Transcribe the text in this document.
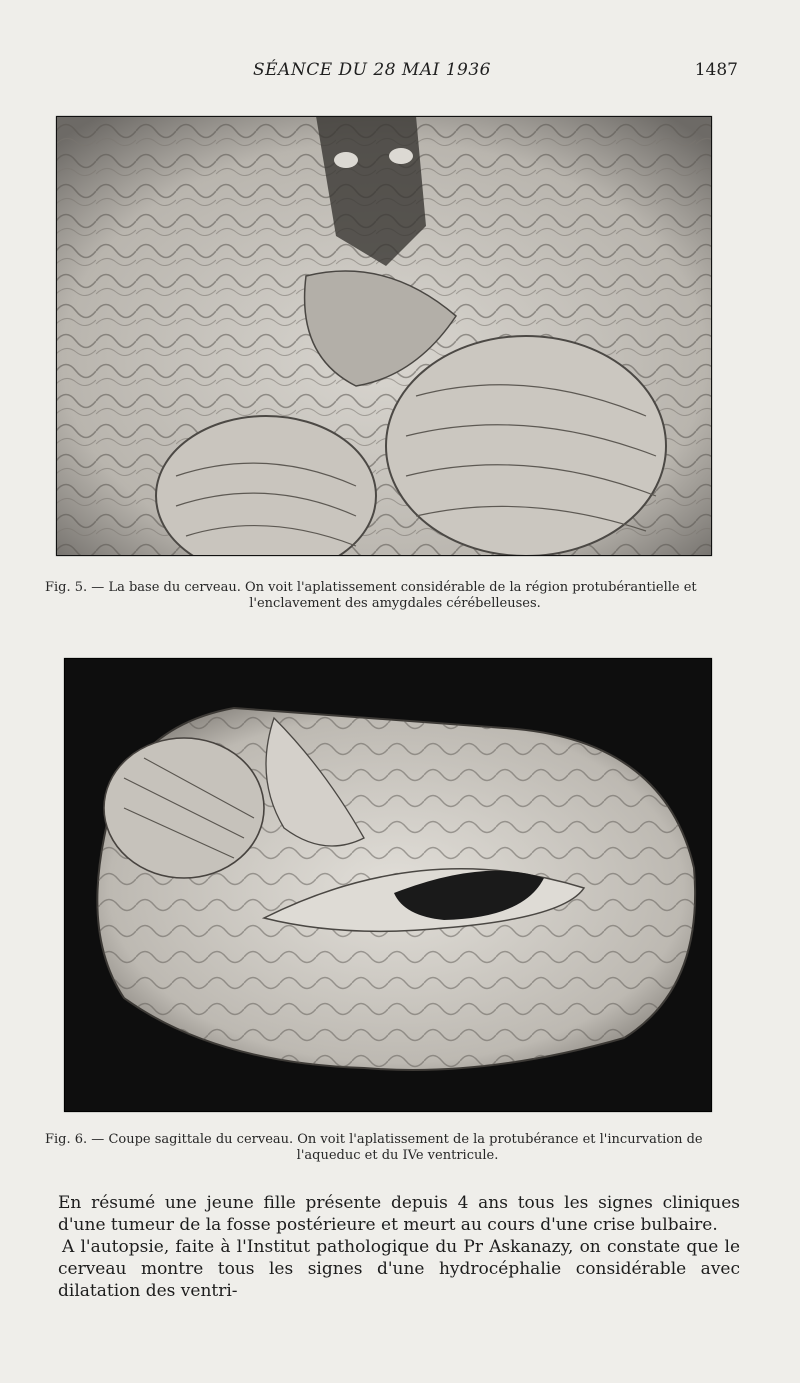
SÉANCE DU 28 MAI 1936	1487
Fig. 5. — La base du cerveau. On voit l'aplatissement considérable de la région protubérantielle et
l'enclavement des amygdales cérébelleuses.
Fig. 6. — Coupe sagittale du cerveau. On voit l'aplatissement de la protubérance et l'incurvation de
l'aqueduc et du IVe ventricule.

En résumé une jeune fille présente depuis 4 ans tous les signes cliniques d'une tumeur de la fosse postérieure et meurt au cours d'une crise bulbaire.

A l'autopsie, faite à l'Institut pathologique du Pr Askanazy, on constate que le cerveau montre tous les signes d'une hydrocéphalie considérable avec dilatation des ventri-
